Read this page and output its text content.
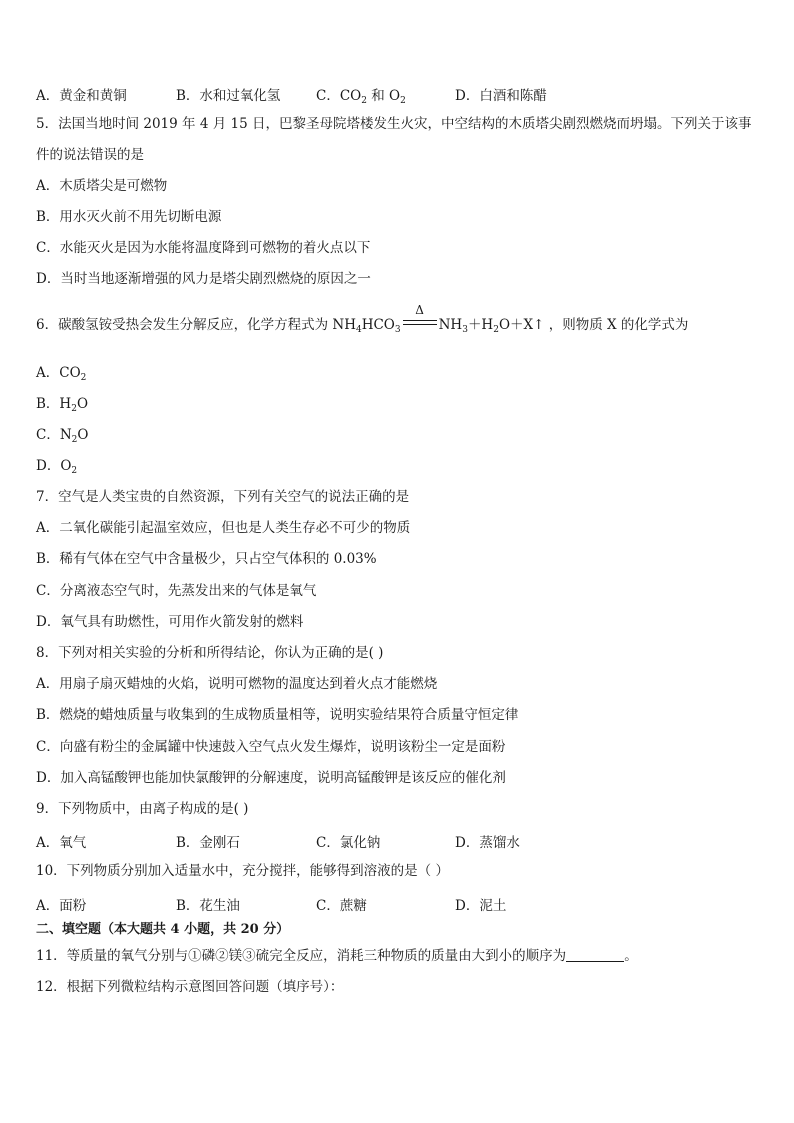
A．黄金和黄铜	B．水和过氧化氢	C．$CO_2$ 和 $O_2$	D．白酒和陈醋
5．法国当地时间 2019 年 4 月 15 日，巴黎圣母院塔楼发生火灾，中空结构的木质塔尖剧烈燃烧而坍塌。下列关于该事
件的说法错误的是
A．木质塔尖是可燃物
B．用水灭火前不用先切断电源
C．水能灭火是因为水能将温度降到可燃物的着火点以下
D．当时当地逐渐增强的风力是塔尖剧烈燃烧的原因之一
6．碳酸氢铵受热会发生分解反应，化学方程式为 $NH_4HCO_3$
Δ
$NH_3+H_2O+X↑$ ，则物质 X 的化学式为
A．$CO_2$
B．$H_2O$
C．$N_2O$
D．$O_2$
7．空气是人类宝贵的自然资源，下列有关空气的说法正确的是
A．二氧化碳能引起温室效应，但也是人类生存必不可少的物质
B．稀有气体在空气中含量极少，只占空气体积的 0.03%
C．分离液态空气时，先蒸发出来的气体是氧气
D．氧气具有助燃性，可用作火箭发射的燃料
8．下列对相关实验的分析和所得结论，你认为正确的是( )
A．用扇子扇灭蜡烛的火焰，说明可燃物的温度达到着火点才能燃烧
B．燃烧的蜡烛质量与收集到的生成物质量相等，说明实验结果符合质量守恒定律
C．向盛有粉尘的金属罐中快速鼓入空气点火发生爆炸，说明该粉尘一定是面粉
D．加入高锰酸钾也能加快氯酸钾的分解速度，说明高锰酸钾是该反应的催化剂
9．下列物质中，由离子构成的是( )
A．氧气	B．金刚石	C．氯化钠	D．蒸馏水
10．下列物质分别加入适量水中，充分搅拌，能够得到溶液的是（ ）
A．面粉	B．花生油	C．蔗糖	D．泥土
二、填空题（本大题共 4 小题，共 20 分）
11．等质量的氧气分别与①磷②镁③硫完全反应，消耗三种物质的质量由大到小的顺序为	。
12．根据下列微粒结构示意图回答问题（填序号）：
